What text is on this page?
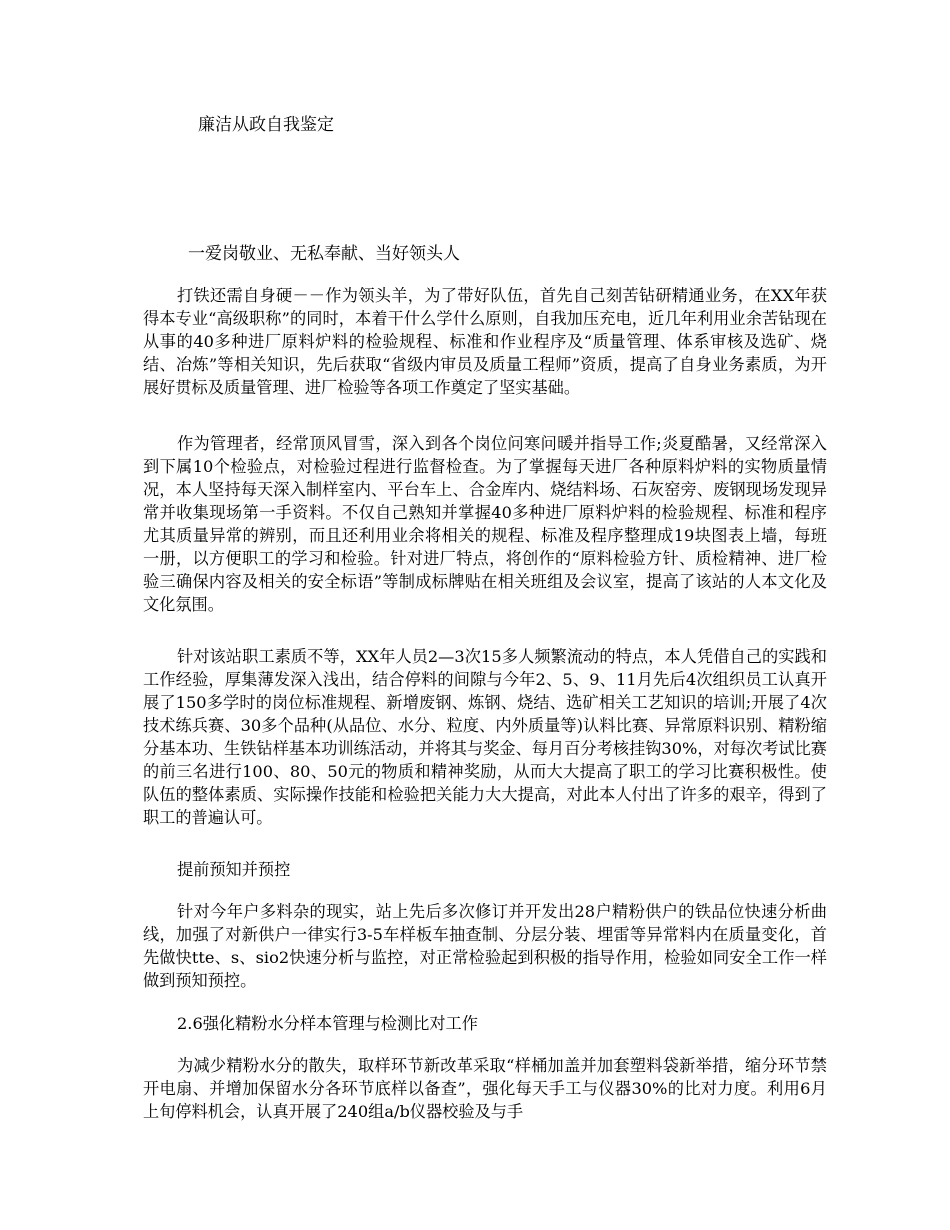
廉洁从政自我鉴定
一爱岗敬业、无私奉献、当好领头人

打铁还需自身硬－－作为领头羊，为了带好队伍，首先自己刻苦钻研精通业务，在XX年获得本专业“高级职称”的同时，本着干什么学什么原则，自我加压充电，近几年利用业余苦钻现在从事的40多种进厂原料炉料的检验规程、标准和作业程序及“质量管理、体系审核及选矿、烧结、冶炼”等相关知识，先后获取“省级内审员及质量工程师”资质，提高了自身业务素质，为开展好贯标及质量管理、进厂检验等各项工作奠定了坚实基础。

作为管理者，经常顶风冒雪，深入到各个岗位问寒问暖并指导工作;炎夏酷暑，又经常深入到下属10个检验点，对检验过程进行监督检查。为了掌握每天进厂各种原料炉料的实物质量情况，本人坚持每天深入制样室内、平台车上、合金库内、烧结料场、石灰窑旁、废钢现场发现异常并收集现场第一手资料。不仅自己熟知并掌握40多种进厂原料炉料的检验规程、标准和程序尤其质量异常的辨别，而且还利用业余将相关的规程、标准及程序整理成19块图表上墙，每班一册，以方便职工的学习和检验。针对进厂特点，将创作的“原料检验方针、质检精神、进厂检验三确保内容及相关的安全标语”等制成标牌贴在相关班组及会议室，提高了该站的人本文化及文化氛围。

针对该站职工素质不等，XX年人员2—3次15多人频繁流动的特点，本人凭借自己的实践和工作经验，厚集薄发深入浅出，结合停料的间隙与今年2、5、9、11月先后4次组织员工认真开展了150多学时的岗位标准规程、新增废钢、炼钢、烧结、选矿相关工艺知识的培训;开展了4次技术练兵赛、30多个品种(从品位、水分、粒度、内外质量等)认料比赛、异常原料识别、精粉缩分基本功、生铁钻样基本功训练活动，并将其与奖金、每月百分考核挂钩30%，对每次考试比赛的前三名进行100、80、50元的物质和精神奖励，从而大大提高了职工的学习比赛积极性。使队伍的整体素质、实际操作技能和检验把关能力大大提高，对此本人付出了许多的艰辛，得到了职工的普遍认可。

提前预知并预控

针对今年户多料杂的现实，站上先后多次修订并开发出28户精粉供户的铁品位快速分析曲线，加强了对新供户一律实行3-5车样板车抽查制、分层分装、埋雷等异常料内在质量变化，首先做快tte、s、sio2快速分析与监控，对正常检验起到积极的指导作用，检验如同安全工作一样做到预知预控。

2.6强化精粉水分样本管理与检测比对工作

为减少精粉水分的散失，取样环节新改革采取“样桶加盖并加套塑料袋新举措，缩分环节禁开电扇、并增加保留水分各环节底样以备查”，强化每天手工与仪器30%的比对力度。利用6月上旬停料机会，认真开展了240组a/b仪器校验及与手
